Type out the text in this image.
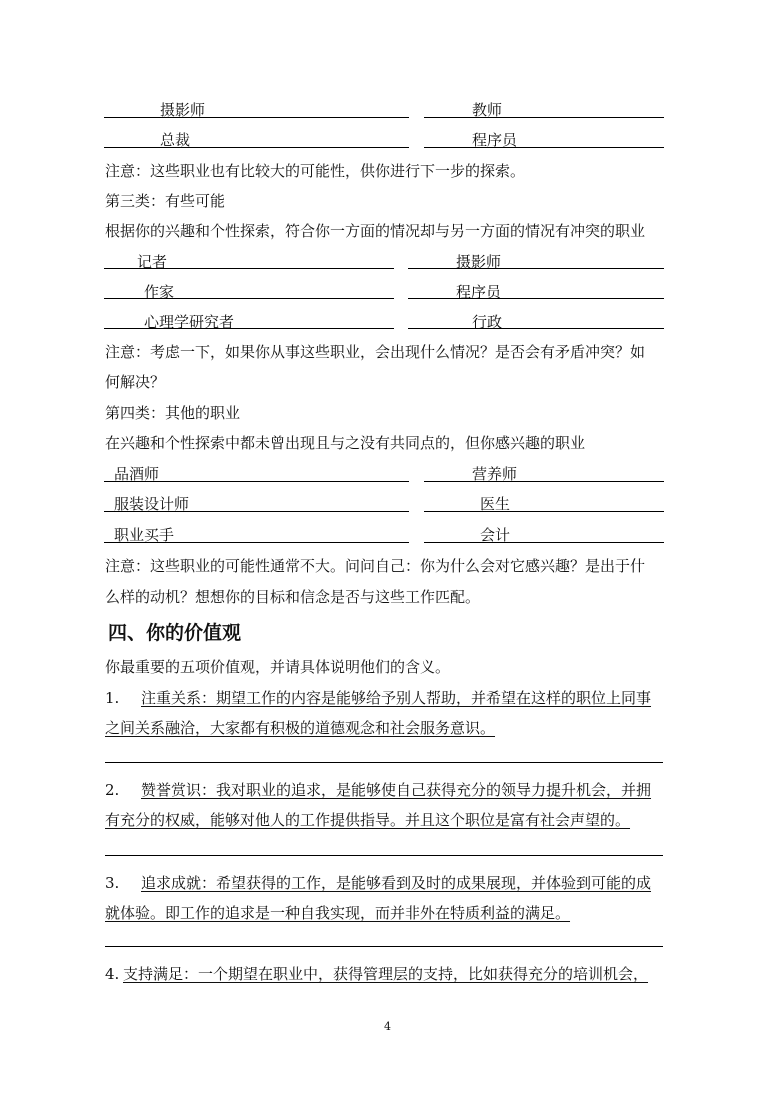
摄影师	教师
总裁	程序员

注意：这些职业也有比较大的可能性，供你进行下一步的探索。

第三类：有些可能

根据你的兴趣和个性探索，符合你一方面的情况却与另一方面的情况有冲突的职业

记者	摄影师
作家	程序员
心理学研究者	行政

注意：考虑一下，如果你从事这些职业，会出现什么情况？是否会有矛盾冲突？如

何解决？

第四类：其他的职业

在兴趣和个性探索中都未曾出现且与之没有共同点的，但你感兴趣的职业

品酒师	营养师
服装设计师	医生
职业买手	会计

注意：这些职业的可能性通常不大。问问自己：你为什么会对它感兴趣？是出于什

么样的动机？想想你的目标和信念是否与这些工作匹配。

四、你的价值观

你最重要的五项价值观，并请具体说明他们的含义。

1. 注重关系：期望工作的内容是能够给予别人帮助，并希望在这样的职位上同事
之间关系融洽，大家都有积极的道德观念和社会服务意识。
2. 赞誉赏识：我对职业的追求，是能够使自己获得充分的领导力提升机会，并拥
有充分的权威，能够对他人的工作提供指导。并且这个职位是富有社会声望的。
3. 追求成就：希望获得的工作，是能够看到及时的成果展现，并体验到可能的成
就体验。即工作的追求是一种自我实现，而并非外在特质利益的满足。
4. 支持满足：一个期望在职业中，获得管理层的支持，比如获得充分的培训机会，
4
